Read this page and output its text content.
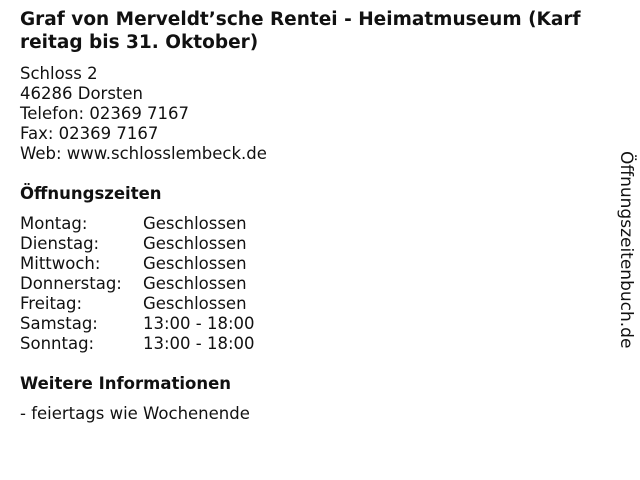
Graf von Merveldt’sche Rentei - Heimatmuseum (Karf
reitag bis 31. Oktober)
Schloss 2
46286 Dorsten
Telefon: 02369 7167
Fax: 02369 7167
Web: www.schlosslembeck.de
Öffnungszeiten
Montag:	Geschlossen
Dienstag:	Geschlossen
Mittwoch:	Geschlossen
Donnerstag:	Geschlossen
Freitag:	Geschlossen
Samstag:	13:00 - 18:00
Sonntag:	13:00 - 18:00
Weitere Informationen
- feiertags wie Wochenende
Öffnungszeitenbuch.de
